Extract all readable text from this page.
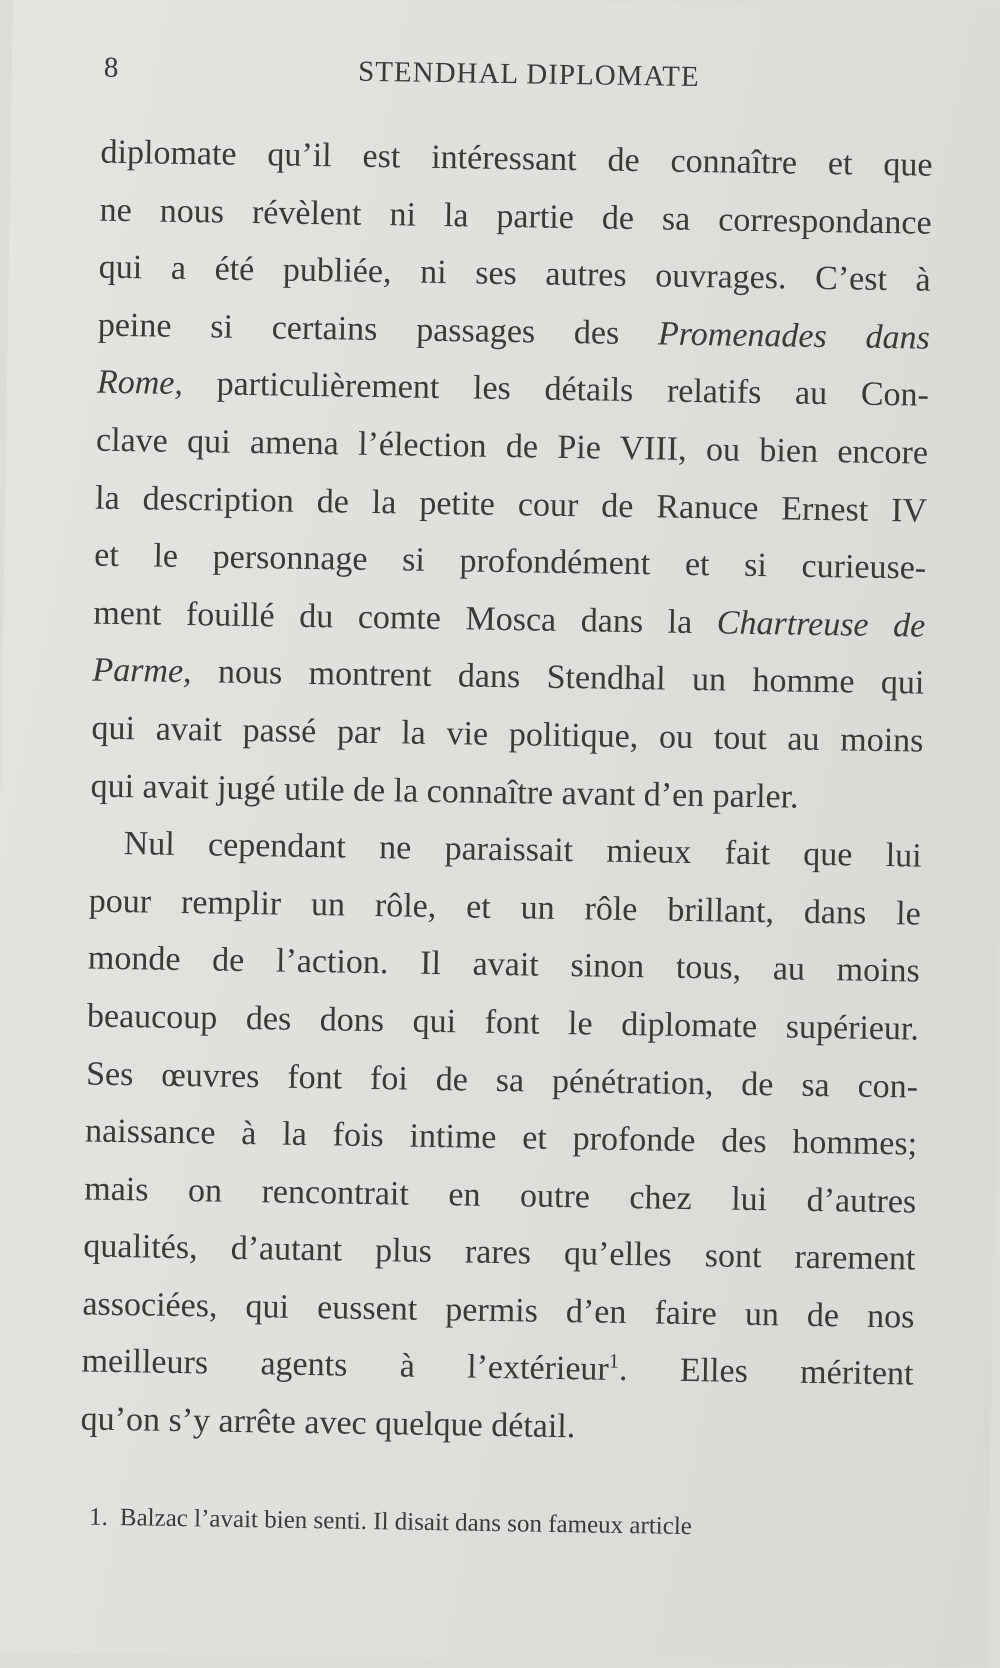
8	STENDHAL DIPLOMATE
diplomate qu’il est intéressant de connaître et que
ne nous révèlent ni la partie de sa correspondance
qui a été publiée, ni ses autres ouvrages. C’est à
peine si certains passages des Promenades dans
Rome, particulièrement les détails relatifs au Con-
clave qui amena l’élection de Pie VIII, ou bien encore
la description de la petite cour de Ranuce Ernest IV
et le personnage si profondément et si curieuse-
ment fouillé du comte Mosca dans la Chartreuse de
Parme, nous montrent dans Stendhal un homme qui
qui avait passé par la vie politique, ou tout au moins
qui avait jugé utile de la connaître avant d’en parler.
Nul cependant ne paraissait mieux fait que lui
pour remplir un rôle, et un rôle brillant, dans le
monde de l’action. Il avait sinon tous, au moins
beaucoup des dons qui font le diplomate supérieur.
Ses œuvres font foi de sa pénétration, de sa con-
naissance à la fois intime et profonde des hommes;
mais on rencontrait en outre chez lui d’autres
qualités, d’autant plus rares qu’elles sont rarement
associées, qui eussent permis d’en faire un de nos
meilleurs agents à l’extérieur$^1$. Elles méritent
qu’on s’y arrête avec quelque détail.
1. Balzac l’avait bien senti. Il disait dans son fameux article
